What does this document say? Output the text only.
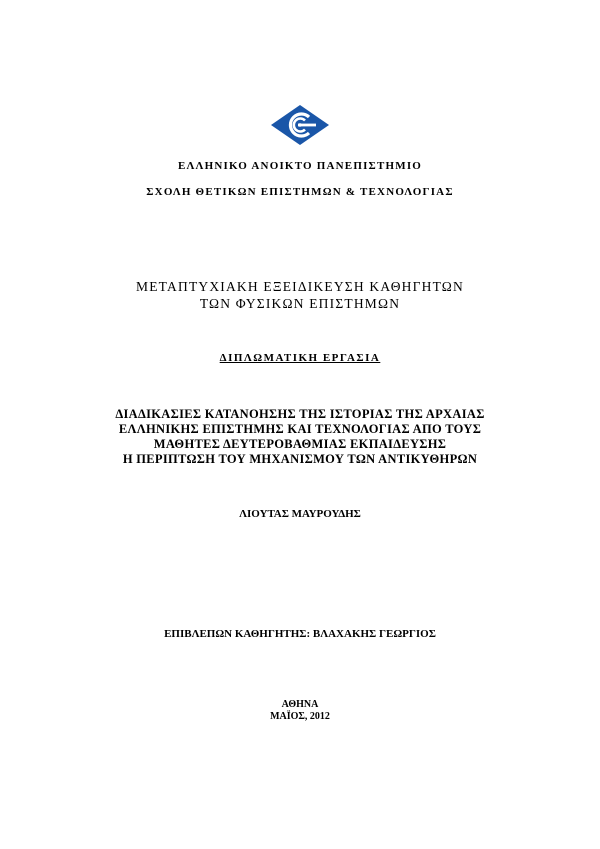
ΕΛΛΗΝΙΚΟ ΑΝΟΙΚΤΟ ΠΑΝΕΠΙΣΤΗΜΙΟ
ΣΧΟΛΗ ΘΕΤΙΚΩΝ ΕΠΙΣΤΗΜΩΝ & ΤΕΧΝΟΛΟΓΙΑΣ
ΜΕΤΑΠΤΥΧΙΑΚΗ ΕΞΕΙΔΙΚΕΥΣΗ ΚΑΘΗΓΗΤΩΝ
ΤΩΝ ΦΥΣΙΚΩΝ ΕΠΙΣΤΗΜΩΝ
ΔΙΠΛΩΜΑΤΙΚΗ ΕΡΓΑΣΙΑ
ΔΙΑΔΙΚΑΣΙΕΣ ΚΑΤΑΝΟΗΣΗΣ ΤΗΣ ΙΣΤΟΡΙΑΣ ΤΗΣ ΑΡΧΑΙΑΣ
ΕΛΛΗΝΙΚΗΣ ΕΠΙΣΤΗΜΗΣ ΚΑΙ ΤΕΧΝΟΛΟΓΙΑΣ ΑΠΟ ΤΟΥΣ
ΜΑΘΗΤΕΣ ΔΕΥΤΕΡΟΒΑΘΜΙΑΣ ΕΚΠΑΙΔΕΥΣΗΣ
Η ΠΕΡΙΠΤΩΣΗ ΤΟΥ ΜΗΧΑΝΙΣΜΟΥ ΤΩΝ ΑΝΤΙΚΥΘΗΡΩΝ
ΛΙΟΥΤΑΣ ΜΑΥΡΟΥΔΗΣ
ΕΠΙΒΛΕΠΩΝ ΚΑΘΗΓΗΤΗΣ: ΒΛΑΧΑΚΗΣ ΓΕΩΡΓΙΟΣ
ΑΘΗΝΑ
ΜΑΪΟΣ, 2012
